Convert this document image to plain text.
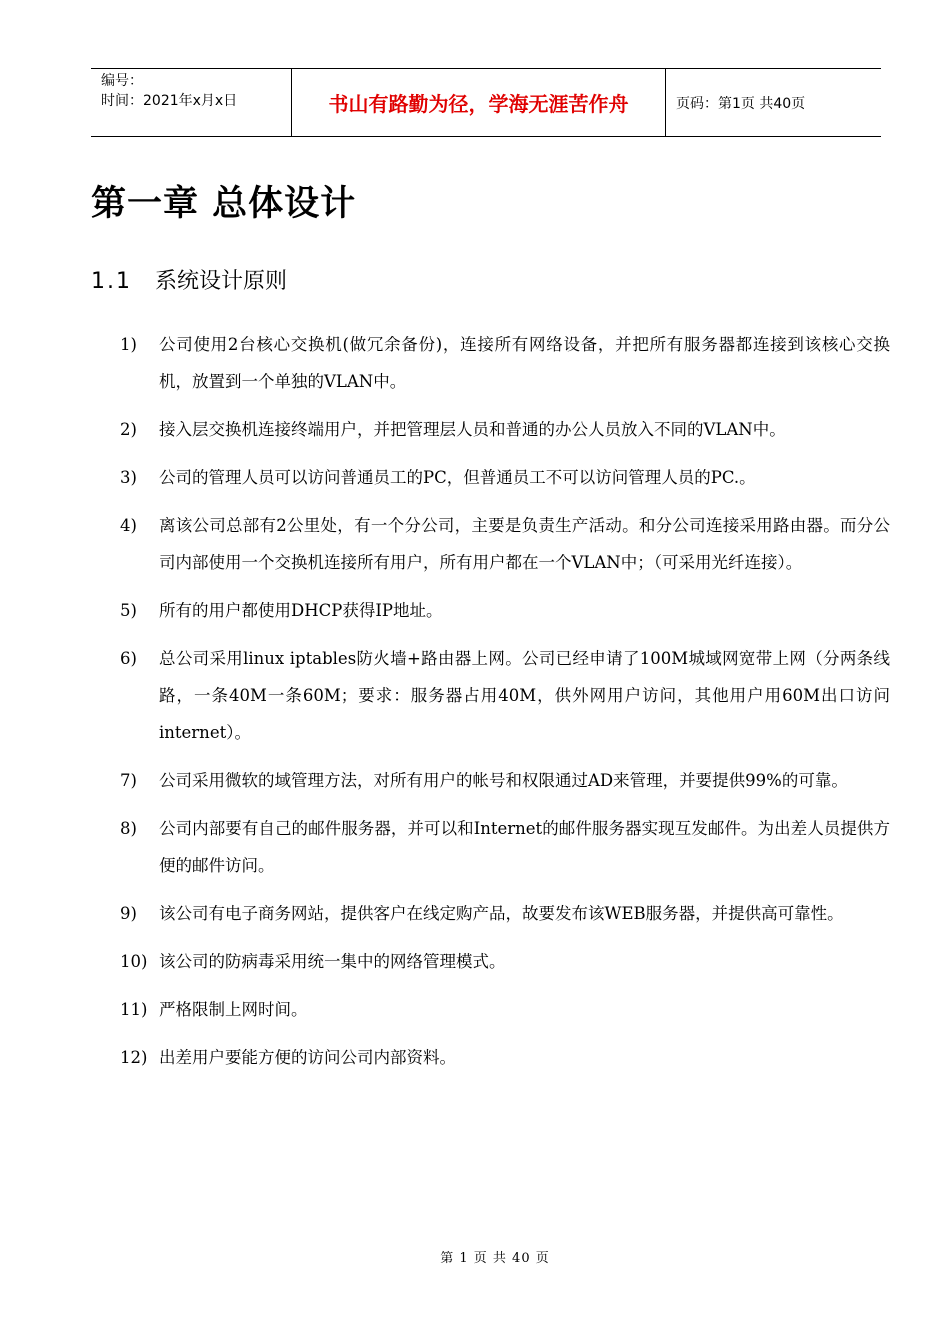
编号：
时间：2021年x月x日	书山有路勤为径，学海无涯苦作舟	页码：第1页 共40页
第一章 总体设计
1.1 系统设计原则
1)	公司使用2台核心交换机(做冗余备份)，连接所有网络设备，并把所有服务器都连接到该核心交换机，放置到一个单独的VLAN中。
2)	接入层交换机连接终端用户，并把管理层人员和普通的办公人员放入不同的VLAN中。
3)	公司的管理人员可以访问普通员工的PC，但普通员工不可以访问管理人员的PC.。
4)	离该公司总部有2公里处，有一个分公司，主要是负责生产活动。和分公司连接采用路由器。而分公司内部使用一个交换机连接所有用户，所有用户都在一个VLAN中；（可采用光纤连接）。
5)	所有的用户都使用DHCP获得IP地址。
6)	总公司采用linux iptables防火墙+路由器上网。公司已经申请了100M城域网宽带上网（分两条线路，一条40M一条60M；要求：服务器占用40M，供外网用户访问，其他用户用60M出口访问internet）。
7)	公司采用微软的域管理方法，对所有用户的帐号和权限通过AD来管理，并要提供99%的可靠。
8)	公司内部要有自己的邮件服务器，并可以和Internet的邮件服务器实现互发邮件。为出差人员提供方便的邮件访问。
9)	该公司有电子商务网站，提供客户在线定购产品，故要发布该WEB服务器，并提供高可靠性。
10) 该公司的防病毒采用统一集中的网络管理模式。
11) 严格限制上网时间。
12) 出差用户要能方便的访问公司内部资料。
第 1 页 共 40 页
